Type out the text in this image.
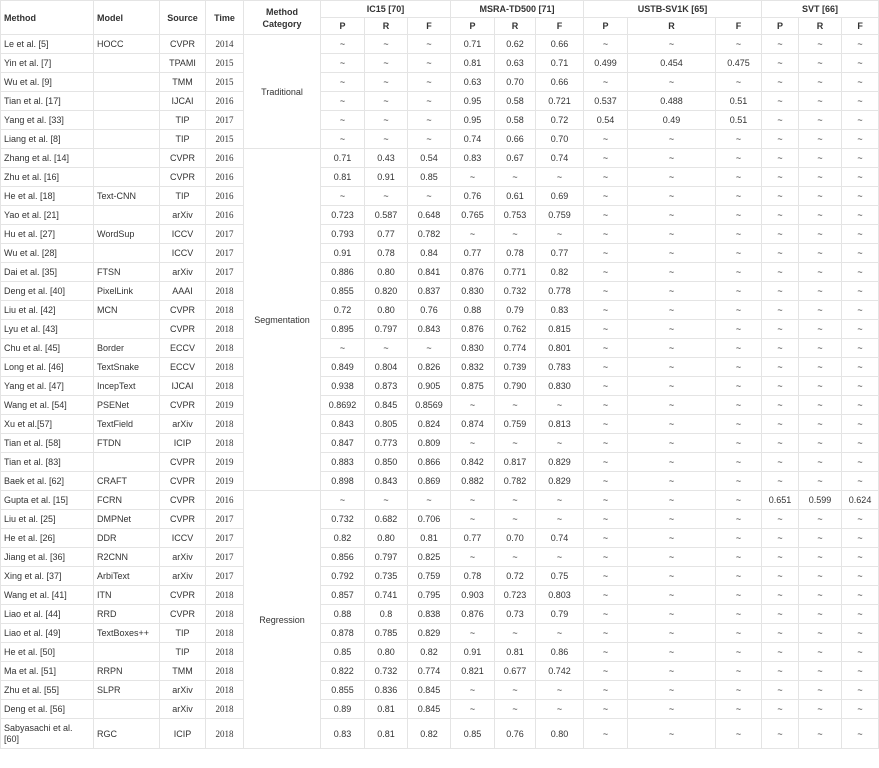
Method	Model	Source	Time	Method Category	IC15 [70]			MSRA-TD500 [71]			USTB-SV1K [65]			SVT [66]		
					P	R	F	P	R	F	P	R	F	P	R	F
Le et al. [5]	HOCC	CVPR	2014	Traditional	~	~	~	0.71	0.62	0.66	~	~	~	~	~	~
Yin et al. [7]		TPAMI	2015		~	~	~	0.81	0.63	0.71	0.499	0.454	0.475	~	~	~
Wu et al. [9]		TMM	2015		~	~	~	0.63	0.70	0.66	~	~	~	~	~	~
Tian et al. [17]		IJCAI	2016		~	~	~	0.95	0.58	0.721	0.537	0.488	0.51	~	~	~
Yang et al. [33]		TIP	2017		~	~	~	0.95	0.58	0.72	0.54	0.49	0.51	~	~	~
Liang et al. [8]		TIP	2015		~	~	~	0.74	0.66	0.70	~	~	~	~	~	~
Zhang et al. [14]		CVPR	2016	Segmentation	0.71	0.43	0.54	0.83	0.67	0.74	~	~	~	~	~	~
Zhu et al. [16]		CVPR	2016		0.81	0.91	0.85	~	~	~	~	~	~	~	~	~
He et al. [18]	Text-CNN	TIP	2016		~	~	~	0.76	0.61	0.69	~	~	~	~	~	~
Yao et al. [21]		arXiv	2016		0.723	0.587	0.648	0.765	0.753	0.759	~	~	~	~	~	~
Hu et al. [27]	WordSup	ICCV	2017		0.793	0.77	0.782	~	~	~	~	~	~	~	~	~
Wu et al. [28]		ICCV	2017		0.91	0.78	0.84	0.77	0.78	0.77	~	~	~	~	~	~
Dai et al. [35]	FTSN	arXiv	2017		0.886	0.80	0.841	0.876	0.771	0.82	~	~	~	~	~	~
Deng et al. [40]	PixelLink	AAAI	2018		0.855	0.820	0.837	0.830	0.732	0.778	~	~	~	~	~	~
Liu et al. [42]	MCN	CVPR	2018		0.72	0.80	0.76	0.88	0.79	0.83	~	~	~	~	~	~
Lyu et al. [43]		CVPR	2018		0.895	0.797	0.843	0.876	0.762	0.815	~	~	~	~	~	~
Chu et al. [45]	Border	ECCV	2018		~	~	~	0.830	0.774	0.801	~	~	~	~	~	~
Long et al. [46]	TextSnake	ECCV	2018		0.849	0.804	0.826	0.832	0.739	0.783	~	~	~	~	~	~
Yang et al. [47]	IncepText	IJCAI	2018		0.938	0.873	0.905	0.875	0.790	0.830	~	~	~	~	~	~
Wang et al. [54]	PSENet	CVPR	2019		0.8692	0.845	0.8569	~	~	~	~	~	~	~	~	~
Xu et al.[57]	TextField	arXiv	2018		0.843	0.805	0.824	0.874	0.759	0.813	~	~	~	~	~	~
Tian et al. [58]	FTDN	ICIP	2018		0.847	0.773	0.809	~	~	~	~	~	~	~	~	~
Tian et al. [83]		CVPR	2019		0.883	0.850	0.866	0.842	0.817	0.829	~	~	~	~	~	~
Baek et al. [62]	CRAFT	CVPR	2019		0.898	0.843	0.869	0.882	0.782	0.829	~	~	~	~	~	~
Gupta et al. [15]	FCRN	CVPR	2016	Regression	~	~	~	~	~	~	~	~	~	0.651	0.599	0.624
Liu et al. [25]	DMPNet	CVPR	2017		0.732	0.682	0.706	~	~	~	~	~	~	~	~	~
He et al. [26]	DDR	ICCV	2017		0.82	0.80	0.81	0.77	0.70	0.74	~	~	~	~	~	~
Jiang et al. [36]	R2CNN	arXiv	2017		0.856	0.797	0.825	~	~	~	~	~	~	~	~	~
Xing et al. [37]	ArbiText	arXiv	2017		0.792	0.735	0.759	0.78	0.72	0.75	~	~	~	~	~	~
Wang et al. [41]	ITN	CVPR	2018		0.857	0.741	0.795	0.903	0.723	0.803	~	~	~	~	~	~
Liao et al. [44]	RRD	CVPR	2018		0.88	0.8	0.838	0.876	0.73	0.79	~	~	~	~	~	~
Liao et al. [49]	TextBoxes++	TIP	2018		0.878	0.785	0.829	~	~	~	~	~	~	~	~	~
He et al. [50]		TIP	2018		0.85	0.80	0.82	0.91	0.81	0.86	~	~	~	~	~	~
Ma et al. [51]	RRPN	TMM	2018		0.822	0.732	0.774	0.821	0.677	0.742	~	~	~	~	~	~
Zhu et al. [55]	SLPR	arXiv	2018		0.855	0.836	0.845	~	~	~	~	~	~	~	~	~
Deng et al. [56]		arXiv	2018		0.89	0.81	0.845	~	~	~	~	~	~	~	~	~
Sabyasachi et al. [60]	RGC	ICIP	2018		0.83	0.81	0.82	0.85	0.76	0.80	~	~	~	~	~	~
